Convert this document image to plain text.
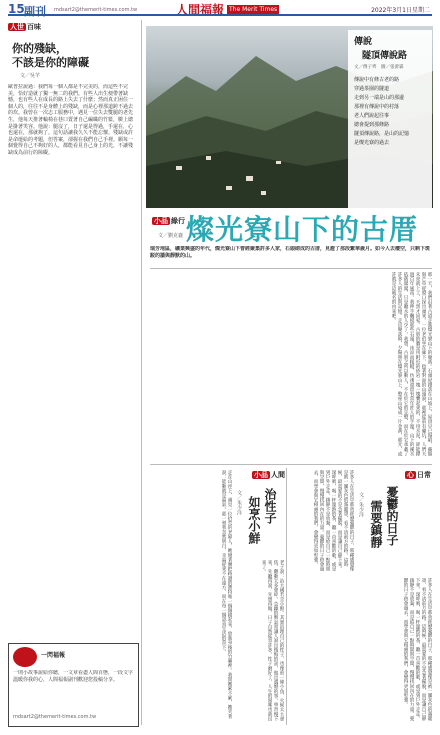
15 副刊 mdsart2@themerit-times.com.tw	人間福報 The Merit Times	2022年3月1日星期二
人世 百味
你的殘缺，
不該是你的障礙
文／吳芊
歐普拉說過：我們每一個人都是不完美的，而這些不完美，恰好造就了獨一無二的我們。有些人出生便帶著缺憾，也有些人在成長的路上失去了什麼；然而真正困住一個人的，往往不是身體上的殘缺，而是心裡那道跨不過去的坎。我曾在一次志工服務中，遇見一位失去雙腿的老先生，他每天推著輪椅在巷口賣著自己編織的竹籃，臉上總是掛著笑容。他說：腿沒了，日子還是得過，手還在，心也還在，那就夠了。這句話讓我久久不能忘懷。殘缺或許是命運給的考題，但答案，卻握在我們自己手裡。願每一個覺得自己不夠好的人，都能看見自己身上的光，不讓殘缺成為前行的障礙。
一閃福報
一則小故事說給你聽，一文章看盡人間百態，一段文字溫暖你我的心，人間福報副刊歡迎您投稿分享。
mdsart2@themerit-times.com.tw
傳說
隧頂傳說路
文／傅子齊　圖／張蕾霖
傳說中有條古老的路
穿過茶園的隧道
走到另一端是山的那邊
那裡有傳說中的村落
老人們說起往事
總會提到那條路
隧頂傳說路，是山的記憶
是燦光寮的過去
小品 綠行 燦光寮山下的古厝
文／劉克襄
瑞芳地區，礦業興盛的年代，燦光寮山下曾經聚集許多人家，石頭砌成的古厝，見證了那段繁華歲月。如今人去樓空，只剩下斑駁的牆與靜默的山。
那一天，我們沿著古道走進燦光寮山下的聚落。石頭屋錯落在山坡上，屋頂早已塌陷，蕨類與芒草從窗口探出頭來。一位老伯坐在廊下，指著對面的山頭說，那裡從前有礦坑，人們天未亮就上工，天黑才回家。古厝的牆是用附近的砂岩一塊一塊疊起來的，不用水泥，卻能撐過百年風雨。我伸手觸摸那些石頭，冰涼而粗糙，彷彿還留有當年匠人的手溫。山下的溪水依舊潺潺，只是聽水的人少了。我想，古厝之所以動人，不在於它的完整，而在於它承載了許多人的生活與記憶。走出聚落時，夕陽照在燦光寮山上，整座山染成一片金黃，那光，或許就是這地名的由來吧。
心 日常
憂鬱的日子
需要鎮靜
文／朱少洋
許多人在生活中都曾經歷憂鬱的日子，那種感覺像是被一團灰色的霧籠罩，看不清前方的路。這時候，最需要的不是急著擺脫，而是讓自己靜下來。深呼吸，喝一杯溫熱的茶，聽一首喜歡的歌，或是到戶外走走。鎮靜不是放棄，而是給自己一點時間與空間，慢慢找回內在的力量。憂鬱的日子終會過去，而學會與它相處的我們，會變得更加堅強。
許多人在生活中都曾經歷憂鬱的日子，那種感覺像是被一團灰色的霧籠罩，看不清前方的路。這時候，最需要的不是急著擺脫，而是讓自己靜下來。深呼吸，喝一杯溫熱的茶，聽一首喜歡的歌，或是到戶外走走。鎮靜不是放棄，而是給自己一點時間與空間，慢慢找回內在的力量。憂鬱的日子終會過去，而學會與它相處的我們，會變得更加堅強。
小品 人間
治性子
如烹小鮮
文／朱少洋
老子說：治大國若烹小鮮。其實治理自己的性子，也像煎一條小魚，火候太大會焦，翻動太多會碎。急躁的脾氣常讓人說出後悔的話，做出遺憾的事。學習慢下來，先聽再說，先想再做，日子自然從容許多。性子磨好了，人生的滋味也就出來了。
走在山徑上，遇見一位拾荒的老婦人，她彎著腰把路邊的寶特瓶一個個撿起來，放進身後的竹簍裡。我問她累不累，她笑著說：能動就是福氣。那一刻我忽然明白，幸福從來不在遠方，而在每一個認真生活的當下。
